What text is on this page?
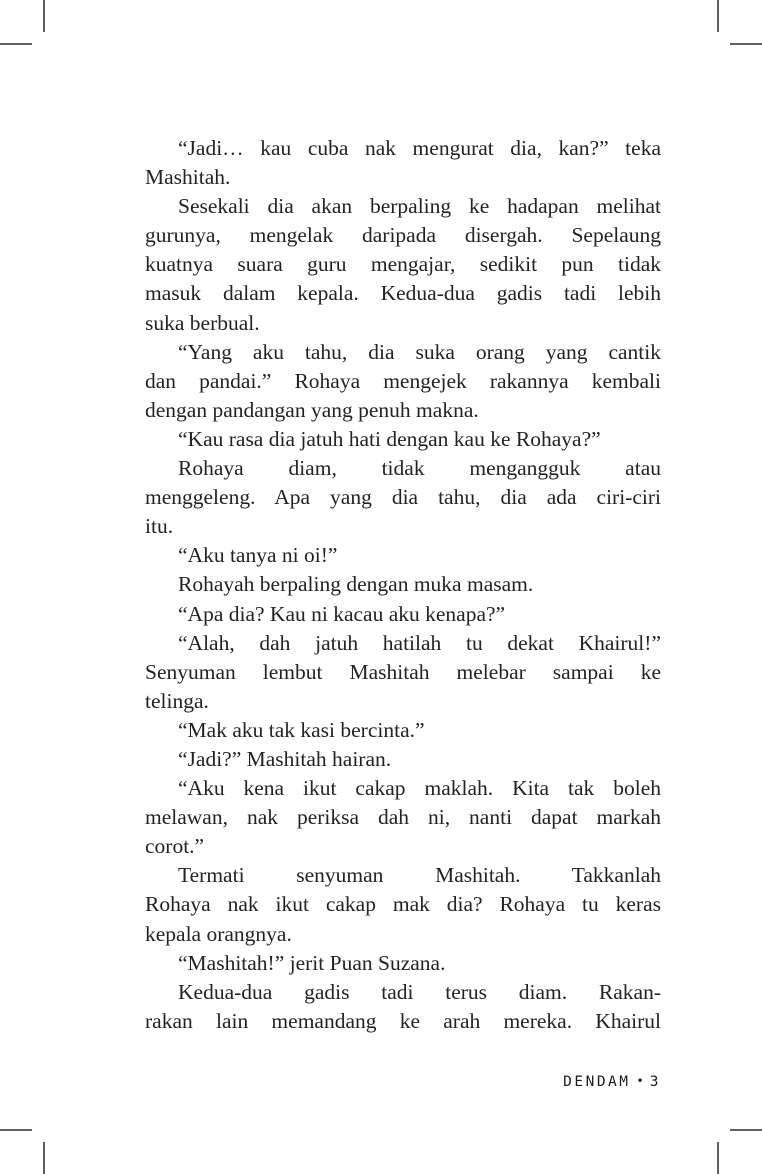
“Jadi… kau cuba nak mengurat dia, kan?” teka
Mashitah.
Sesekali dia akan berpaling ke hadapan melihat
gurunya, mengelak daripada disergah. Sepelaung
kuatnya suara guru mengajar, sedikit pun tidak
masuk dalam kepala. Kedua-dua gadis tadi lebih
suka berbual.
“Yang aku tahu, dia suka orang yang cantik
dan pandai.” Rohaya mengejek rakannya kembali
dengan pandangan yang penuh makna.
“Kau rasa dia jatuh hati dengan kau ke Rohaya?”
Rohaya diam, tidak mengangguk atau
menggeleng. Apa yang dia tahu, dia ada ciri-ciri
itu.
“Aku tanya ni oi!”
Rohayah berpaling dengan muka masam.
“Apa dia? Kau ni kacau aku kenapa?”
“Alah, dah jatuh hatilah tu dekat Khairul!”
Senyuman lembut Mashitah melebar sampai ke
telinga.
“Mak aku tak kasi bercinta.”
“Jadi?” Mashitah hairan.
“Aku kena ikut cakap maklah. Kita tak boleh
melawan, nak periksa dah ni, nanti dapat markah
corot.”
Termati senyuman Mashitah. Takkanlah
Rohaya nak ikut cakap mak dia? Rohaya tu keras
kepala orangnya.
“Mashitah!” jerit Puan Suzana.
Kedua-dua gadis tadi terus diam. Rakan-
rakan lain memandang ke arah mereka. Khairul
DENDAM • 3
